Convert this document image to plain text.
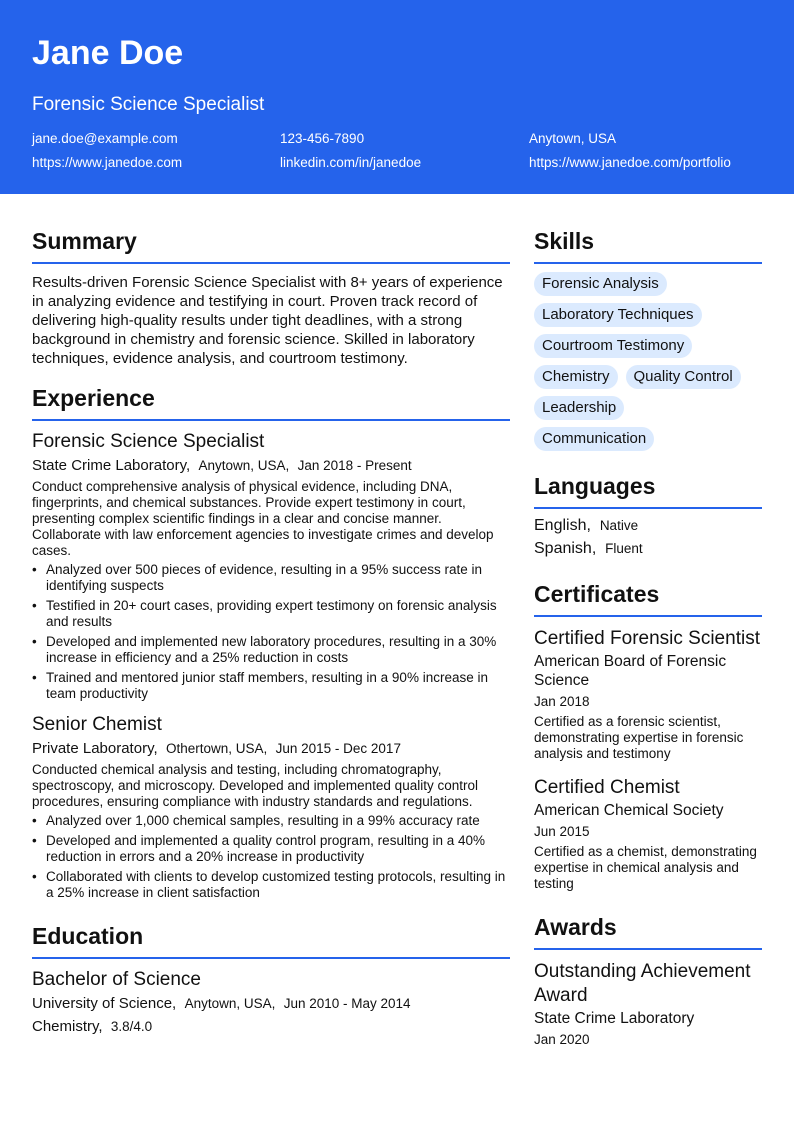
Jane Doe
Forensic Science Specialist
jane.doe@example.com	123-456-7890	Anytown, USA
https://www.janedoe.com	linkedin.com/in/janedoe	https://www.janedoe.com/portfolio
Summary
Results-driven Forensic Science Specialist with 8+ years of experience in analyzing evidence and testifying in court. Proven track record of delivering high-quality results under tight deadlines, with a strong background in chemistry and forensic science. Skilled in laboratory techniques, evidence analysis, and courtroom testimony.
Experience
Forensic Science Specialist
State Crime Laboratory, Anytown, USA, Jan 2018 - Present
Conduct comprehensive analysis of physical evidence, including DNA, fingerprints, and chemical substances. Provide expert testimony in court, presenting complex scientific findings in a clear and concise manner. Collaborate with law enforcement agencies to investigate crimes and develop cases.
• Analyzed over 500 pieces of evidence, resulting in a 95% success rate in identifying suspects
• Testified in 20+ court cases, providing expert testimony on forensic analysis and results
• Developed and implemented new laboratory procedures, resulting in a 30% increase in efficiency and a 25% reduction in costs
• Trained and mentored junior staff members, resulting in a 90% increase in team productivity
Senior Chemist
Private Laboratory, Othertown, USA, Jun 2015 - Dec 2017
Conducted chemical analysis and testing, including chromatography, spectroscopy, and microscopy. Developed and implemented quality control procedures, ensuring compliance with industry standards and regulations.
• Analyzed over 1,000 chemical samples, resulting in a 99% accuracy rate
• Developed and implemented a quality control program, resulting in a 40% reduction in errors and a 20% increase in productivity
• Collaborated with clients to develop customized testing protocols, resulting in a 25% increase in client satisfaction
Education
Bachelor of Science
University of Science, Anytown, USA, Jun 2010 - May 2014
Chemistry, 3.8/4.0
Skills
Forensic Analysis
Laboratory Techniques
Courtroom Testimony
Chemistry	Quality Control
Leadership
Communication
Languages
English, Native
Spanish, Fluent
Certificates
Certified Forensic Scientist
American Board of Forensic Science
Jan 2018
Certified as a forensic scientist, demonstrating expertise in forensic analysis and testimony
Certified Chemist
American Chemical Society
Jun 2015
Certified as a chemist, demonstrating expertise in chemical analysis and testing
Awards
Outstanding Achievement Award
State Crime Laboratory
Jan 2020
